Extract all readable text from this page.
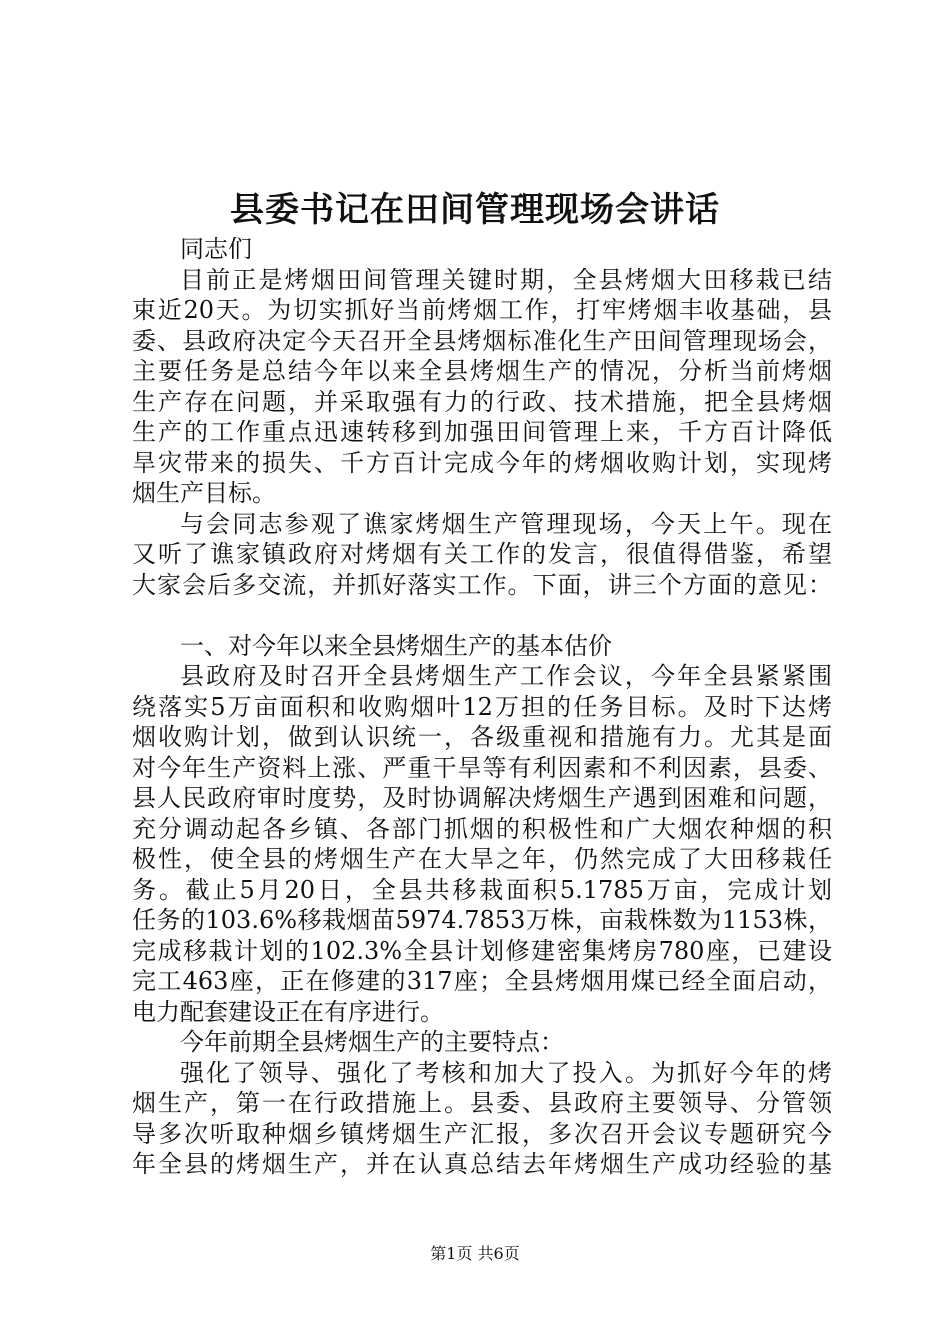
县委书记在田间管理现场会讲话
同志们
目前正是烤烟田间管理关键时期，全县烤烟大田移栽已结
束近20天。为切实抓好当前烤烟工作，打牢烤烟丰收基础，县
委、县政府决定今天召开全县烤烟标准化生产田间管理现场会，
主要任务是总结今年以来全县烤烟生产的情况，分析当前烤烟
生产存在问题，并采取强有力的行政、技术措施，把全县烤烟
生产的工作重点迅速转移到加强田间管理上来，千方百计降低
旱灾带来的损失、千方百计完成今年的烤烟收购计划，实现烤
烟生产目标。
与会同志参观了谯家烤烟生产管理现场，今天上午。现在
又听了谯家镇政府对烤烟有关工作的发言，很值得借鉴，希望
大家会后多交流，并抓好落实工作。下面，讲三个方面的意见：
一、对今年以来全县烤烟生产的基本估价
县政府及时召开全县烤烟生产工作会议，今年全县紧紧围
绕落实5万亩面积和收购烟叶12万担的任务目标。及时下达烤
烟收购计划，做到认识统一，各级重视和措施有力。尤其是面
对今年生产资料上涨、严重干旱等有利因素和不利因素，县委、
县人民政府审时度势，及时协调解决烤烟生产遇到困难和问题，
充分调动起各乡镇、各部门抓烟的积极性和广大烟农种烟的积
极性，使全县的烤烟生产在大旱之年，仍然完成了大田移栽任
务。截止5月20日，全县共移栽面积5.1785万亩，完成计划
任务的103.6%移栽烟苗5974.7853万株，亩栽株数为1153株，
完成移栽计划的102.3%全县计划修建密集烤房780座，已建设
完工463座，正在修建的317座；全县烤烟用煤已经全面启动，
电力配套建设正在有序进行。
今年前期全县烤烟生产的主要特点：
强化了领导、强化了考核和加大了投入。为抓好今年的烤
烟生产，第一在行政措施上。县委、县政府主要领导、分管领
导多次听取种烟乡镇烤烟生产汇报，多次召开会议专题研究今
年全县的烤烟生产，并在认真总结去年烤烟生产成功经验的基
第1页 共6页
